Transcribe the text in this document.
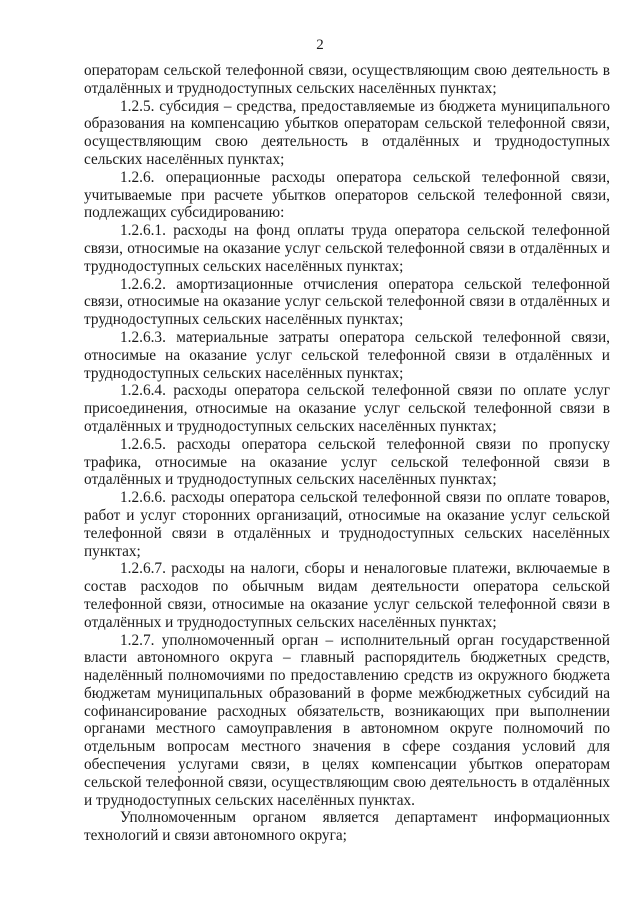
2

операторам сельской телефонной связи, осуществляющим свою деятельность в отдалённых и труднодоступных сельских населённых пунктах;

1.2.5. субсидия – средства, предоставляемые из бюджета муниципального образования на компенсацию убытков операторам сельской телефонной связи, осуществляющим свою деятельность в отдалённых и труднодоступных сельских населённых пунктах;

1.2.6. операционные расходы оператора сельской телефонной связи, учитываемые при расчете убытков операторов сельской телефонной связи, подлежащих субсидированию:

1.2.6.1. расходы на фонд оплаты труда оператора сельской телефонной связи, относимые на оказание услуг сельской телефонной связи в отдалённых и труднодоступных сельских населённых пунктах;

1.2.6.2. амортизационные отчисления оператора сельской телефонной связи, относимые на оказание услуг сельской телефонной связи в отдалённых и труднодоступных сельских населённых пунктах;

1.2.6.3. материальные затраты оператора сельской телефонной связи, относимые на оказание услуг сельской телефонной связи в отдалённых и труднодоступных сельских населённых пунктах;

1.2.6.4. расходы оператора сельской телефонной связи по оплате услуг присоединения, относимые на оказание услуг сельской телефонной связи в отдалённых и труднодоступных сельских населённых пунктах;

1.2.6.5. расходы оператора сельской телефонной связи по пропуску трафика, относимые на оказание услуг сельской телефонной связи в отдалённых и труднодоступных сельских населённых пунктах;

1.2.6.6. расходы оператора сельской телефонной связи по оплате товаров, работ и услуг сторонних организаций, относимые на оказание услуг сельской телефонной связи в отдалённых и труднодоступных сельских населённых пунктах;

1.2.6.7. расходы на налоги, сборы и неналоговые платежи, включаемые в состав расходов по обычным видам деятельности оператора сельской телефонной связи, относимые на оказание услуг сельской телефонной связи в отдалённых и труднодоступных сельских населённых пунктах;

1.2.7. уполномоченный орган – исполнительный орган государственной власти автономного округа – главный распорядитель бюджетных средств, наделённый полномочиями по предоставлению средств из окружного бюджета бюджетам муниципальных образований в форме межбюджетных субсидий на софинансирование расходных обязательств, возникающих при выполнении органами местного самоуправления в автономном округе полномочий по отдельным вопросам местного значения в сфере создания условий для обеспечения услугами связи, в целях компенсации убытков операторам сельской телефонной связи, осуществляющим свою деятельность в отдалённых и труднодоступных сельских населённых пунктах.

Уполномоченным органом является департамент информационных технологий и связи автономного округа;
